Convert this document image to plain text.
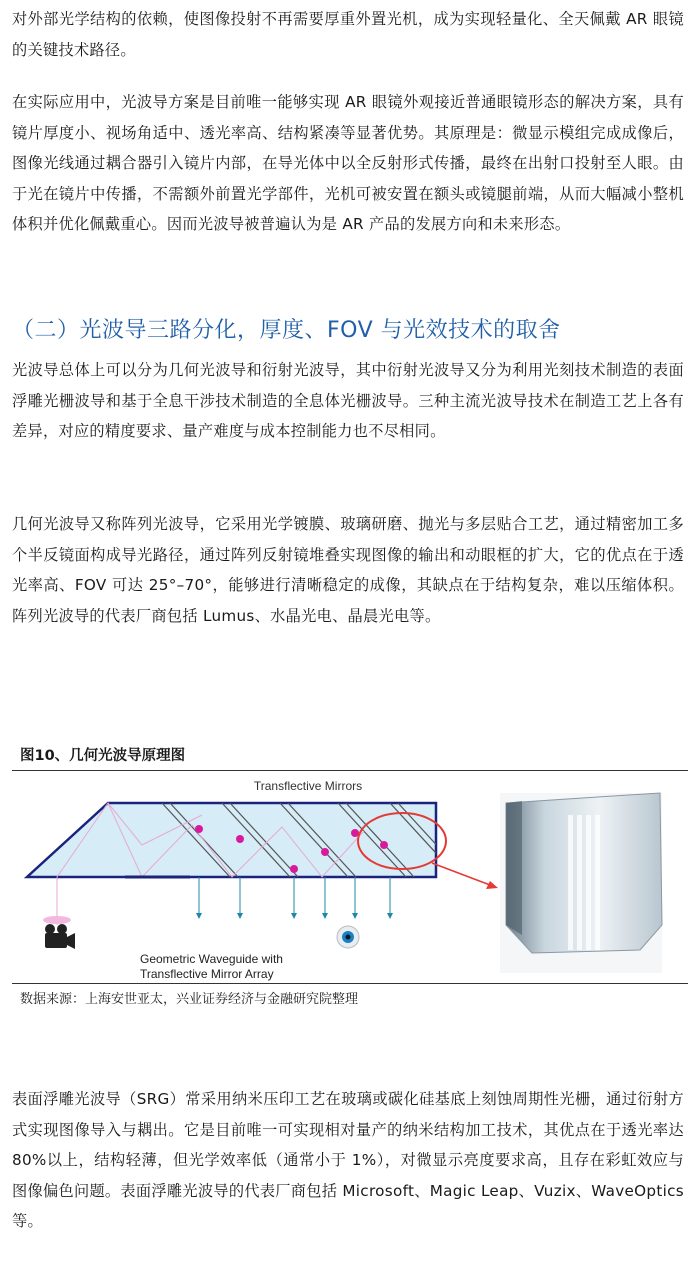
对外部光学结构的依赖，使图像投射不再需要厚重外置光机，成为实现轻量化、全天佩戴 AR 眼镜的关键技术路径。

在实际应用中，光波导方案是目前唯一能够实现 AR 眼镜外观接近普通眼镜形态的解决方案，具有镜片厚度小、视场角适中、透光率高、结构紧凑等显著优势。其原理是：微显示模组完成成像后，图像光线通过耦合器引入镜片内部，在导光体中以全反射形式传播，最终在出射口投射至人眼。由于光在镜片中传播，不需额外前置光学部件，光机可被安置在额头或镜腿前端，从而大幅减小整机体积并优化佩戴重心。因而光波导被普遍认为是 AR 产品的发展方向和未来形态。

（二）光波导三路分化，厚度、FOV 与光效技术的取舍

光波导总体上可以分为几何光波导和衍射光波导，其中衍射光波导又分为利用光刻技术制造的表面浮雕光栅波导和基于全息干涉技术制造的全息体光栅波导。三种主流光波导技术在制造工艺上各有差异，对应的精度要求、量产难度与成本控制能力也不尽相同。

几何光波导又称阵列光波导，它采用光学镀膜、玻璃研磨、抛光与多层贴合工艺，通过精密加工多个半反镜面构成导光路径，通过阵列反射镜堆叠实现图像的输出和动眼框的扩大，它的优点在于透光率高、FOV 可达 25°–70°，能够进行清晰稳定的成像，其缺点在于结构复杂，难以压缩体积。阵列光波导的代表厂商包括 Lumus、水晶光电、晶晨光电等。

图10、几何光波导原理图

Transflective Mirrors
Geometric Waveguide with
Transflective Mirror Array

数据来源：上海安世亚太，兴业证券经济与金融研究院整理

表面浮雕光波导（SRG）常采用纳米压印工艺在玻璃或碳化硅基底上刻蚀周期性光栅，通过衍射方式实现图像导入与耦出。它是目前唯一可实现相对量产的纳米结构加工技术，其优点在于透光率达 80%以上，结构轻薄，但光学效率低（通常小于 1%），对微显示亮度要求高，且存在彩虹效应与图像偏色问题。表面浮雕光波导的代表厂商包括 Microsoft、Magic Leap、Vuzix、WaveOptics 等。
